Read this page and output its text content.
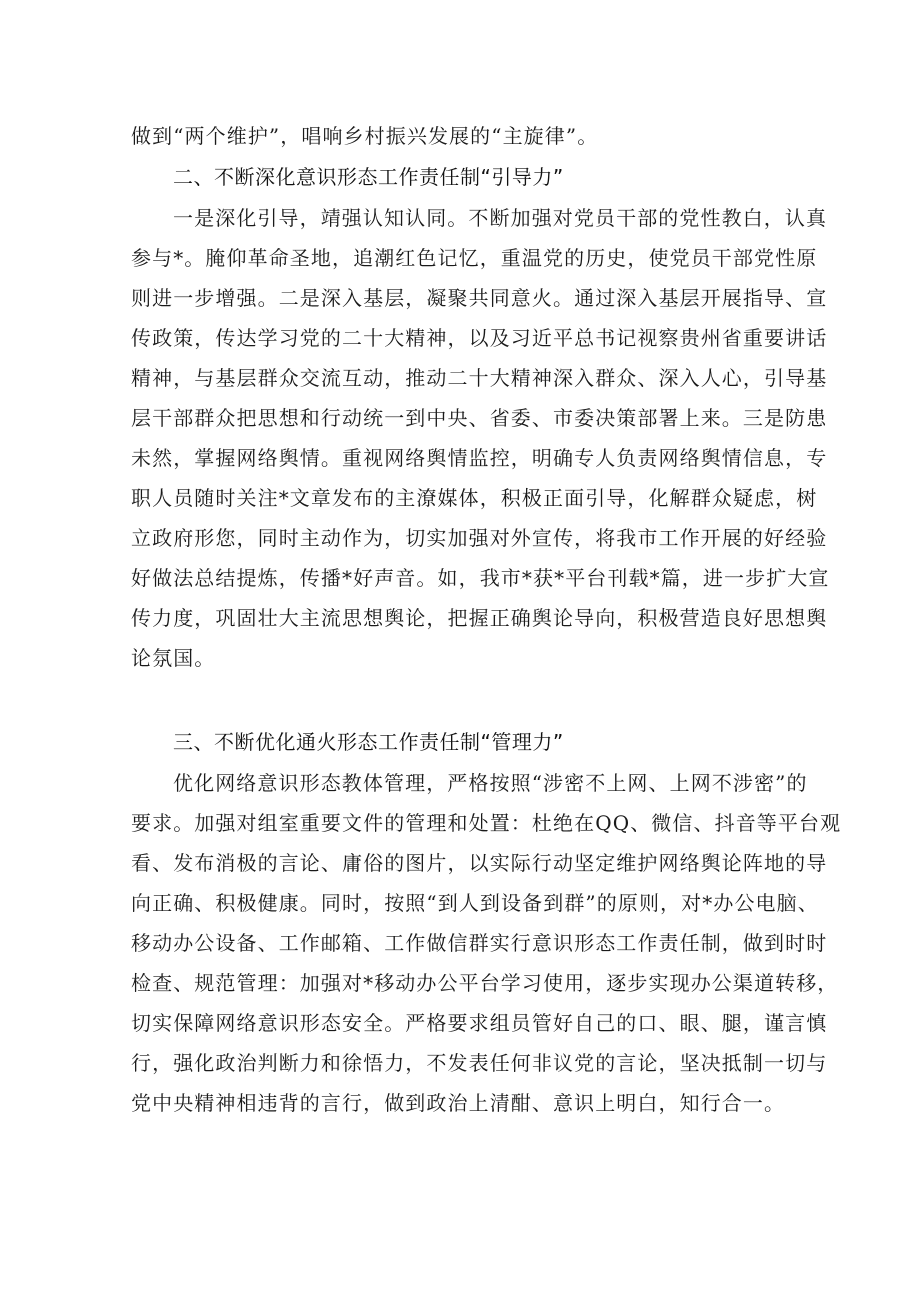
做到“两个维护”，唱响乡村振兴发展的“主旋律”。
二、不断深化意识形态工作责任制“引导力”
一是深化引导，靖强认知认同。不断加强对党员干部的党性教白，认真
参与*。腌仰革命圣地，追潮红色记忆，重温党的历史，使党员干部党性原
则进一步增强。二是深入基层，凝聚共同意火。通过深入基层开展指导、宣
传政策，传达学习党的二十大精神，以及习近平总书记视察贵州省重要讲话
精神，与基层群众交流互动，推动二十大精神深入群众、深入人心，引导基
层干部群众把思想和行动统一到中央、省委、市委决策部署上来。三是防患
未然，掌握网络舆情。重视网络舆情监控，明确专人负责网络舆情信息，专
职人员随时关注*文章发布的主潦媒体，积极正面引导，化解群众疑虑，树
立政府形您，同时主动作为，切实加强对外宣传，将我市工作开展的好经验
好做法总结提炼，传播*好声音。如，我市*获*平台刊载*篇，进一步扩大宣
传力度，巩固壮大主流思想舆论，把握正确舆论导向，积极营造良好思想舆
论氛国。
三、不断优化通火形态工作责任制“管理力”
优化网络意识形态教体管理，严格按照“涉密不上网、上网不涉密”的
要求。加强对组室重要文件的管理和处置：杜绝在QQ、微信、抖音等平台观
看、发布消极的言论、庸俗的图片，以实际行动坚定维护网络舆论阵地的导
向正确、积极健康。同时，按照“到人到设备到群”的原则，对*办公电脑、
移动办公设备、工作邮箱、工作做信群实行意识形态工作责任制，做到时时
检查、规范管理：加强对*移动办公平台学习使用，逐步实现办公渠道转移，
切实保障网络意识形态安全。严格要求组员管好自己的口、眼、腿，谨言慎
行，强化政治判断力和徐悟力，不发表任何非议党的言论，坚决抵制一切与
党中央精神相违背的言行，做到政治上清酣、意识上明白，知行合一。
